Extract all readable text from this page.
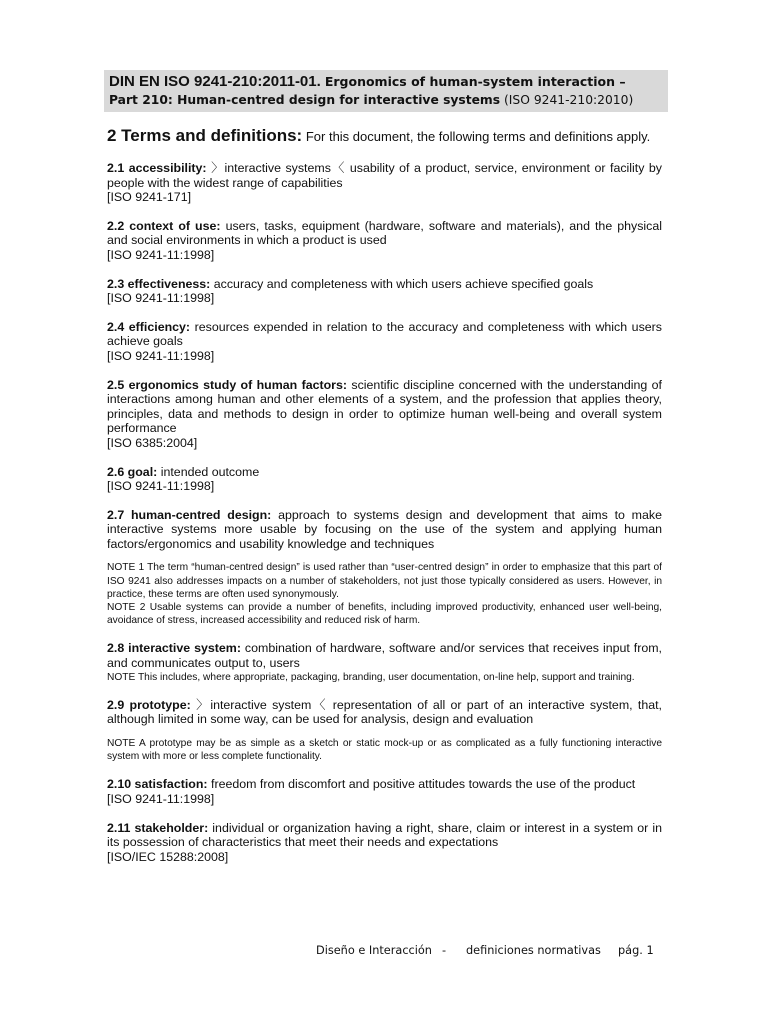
DIN EN ISO 9241-210:2011-01. Ergonomics of human-system interaction –
Part 210: Human-centred design for interactive systems (ISO 9241-210:2010)

2 Terms and definitions: For this document, the following terms and definitions apply.

2.1 accessibility: 〉interactive systems〈 usability of a product, service, environment or facility by people with the widest range of capabilities
[ISO 9241-171]

2.2 context of use: users, tasks, equipment (hardware, software and materials), and the physical and social environments in which a product is used
[ISO 9241-11:1998]

2.3 effectiveness: accuracy and completeness with which users achieve specified goals
[ISO 9241-11:1998]

2.4 efficiency: resources expended in relation to the accuracy and completeness with which users achieve goals
[ISO 9241-11:1998]

2.5 ergonomics study of human factors: scientific discipline concerned with the understanding of interactions among human and other elements of a system, and the profession that applies theory, principles, data and methods to design in order to optimize human well-being and overall system performance
[ISO 6385:2004]

2.6 goal: intended outcome
[ISO 9241-11:1998]

2.7 human-centred design: approach to systems design and development that aims to make interactive systems more usable by focusing on the use of the system and applying human factors/ergonomics and usability knowledge and techniques

NOTE 1 The term “human-centred design” is used rather than “user-centred design” in order to emphasize that this part of ISO 9241 also addresses impacts on a number of stakeholders, not just those typically considered as users. However, in practice, these terms are often used synonymously.

NOTE 2 Usable systems can provide a number of benefits, including improved productivity, enhanced user well-being, avoidance of stress, increased accessibility and reduced risk of harm.

2.8 interactive system: combination of hardware, software and/or services that receives input from, and communicates output to, users
NOTE This includes, where appropriate, packaging, branding, user documentation, on-line help, support and training.

2.9 prototype: 〉interactive system〈 representation of all or part of an interactive system, that, although limited in some way, can be used for analysis, design and evaluation

NOTE A prototype may be as simple as a sketch or static mock-up or as complicated as a fully functioning interactive system with more or less complete functionality.

2.10 satisfaction: freedom from discomfort and positive attitudes towards the use of the product
[ISO 9241-11:1998]

2.11 stakeholder: individual or organization having a right, share, claim or interest in a system or in its possession of characteristics that meet their needs and expectations
[ISO/IEC 15288:2008]

Diseño e Interacción - definiciones normativas pág. 1
